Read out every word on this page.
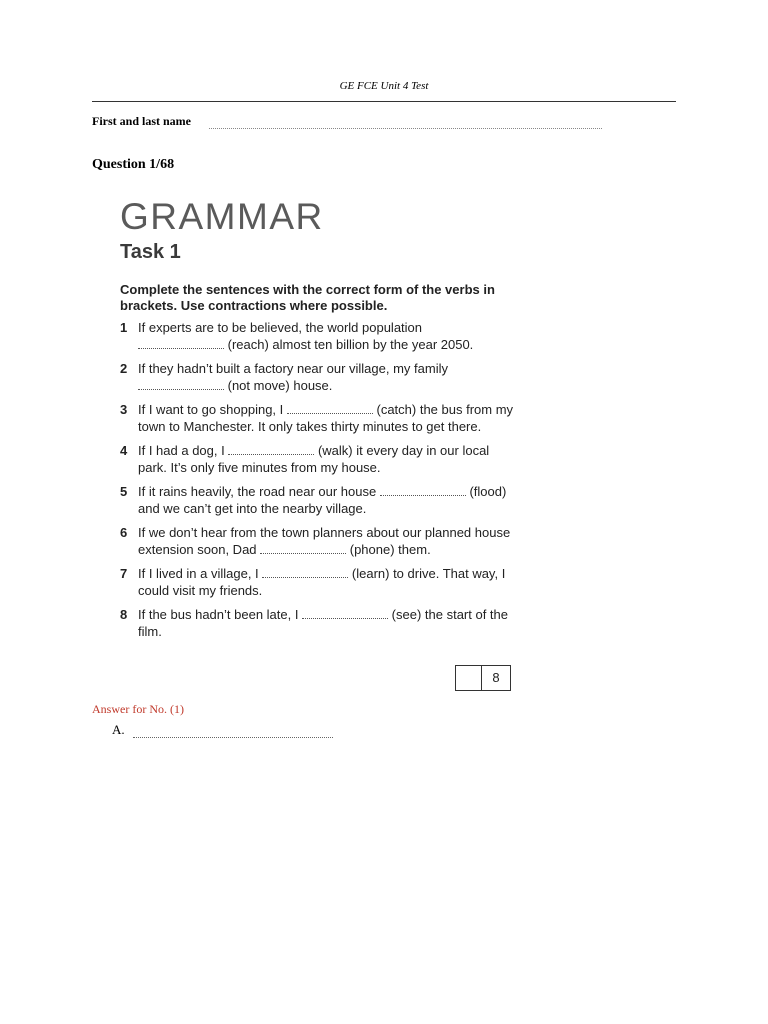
GE FCE Unit 4 Test
First and last name
Question 1/68
GRAMMAR
Task 1
Complete the sentences with the correct form of the verbs in brackets. Use contractions where possible.
1 If experts are to be believed, the world population
(reach) almost ten billion by the year 2050.
2 If they hadn’t built a factory near our village, my family
(not move) house.
3 If I want to go shopping, I	(catch) the bus from my town to Manchester. It only takes thirty minutes to get there.
4 If I had a dog, I	(walk) it every day in our local park. It’s only five minutes from my house.
5 If it rains heavily, the road near our house	(flood) and we can’t get into the nearby village.
6 If we don’t hear from the town planners about our planned house extension soon, Dad	(phone) them.
7 If I lived in a village, I	(learn) to drive. That way, I could visit my friends.
8 If the bus hadn’t been late, I	(see) the start of the film.
8
Answer for No. (1)
A.
